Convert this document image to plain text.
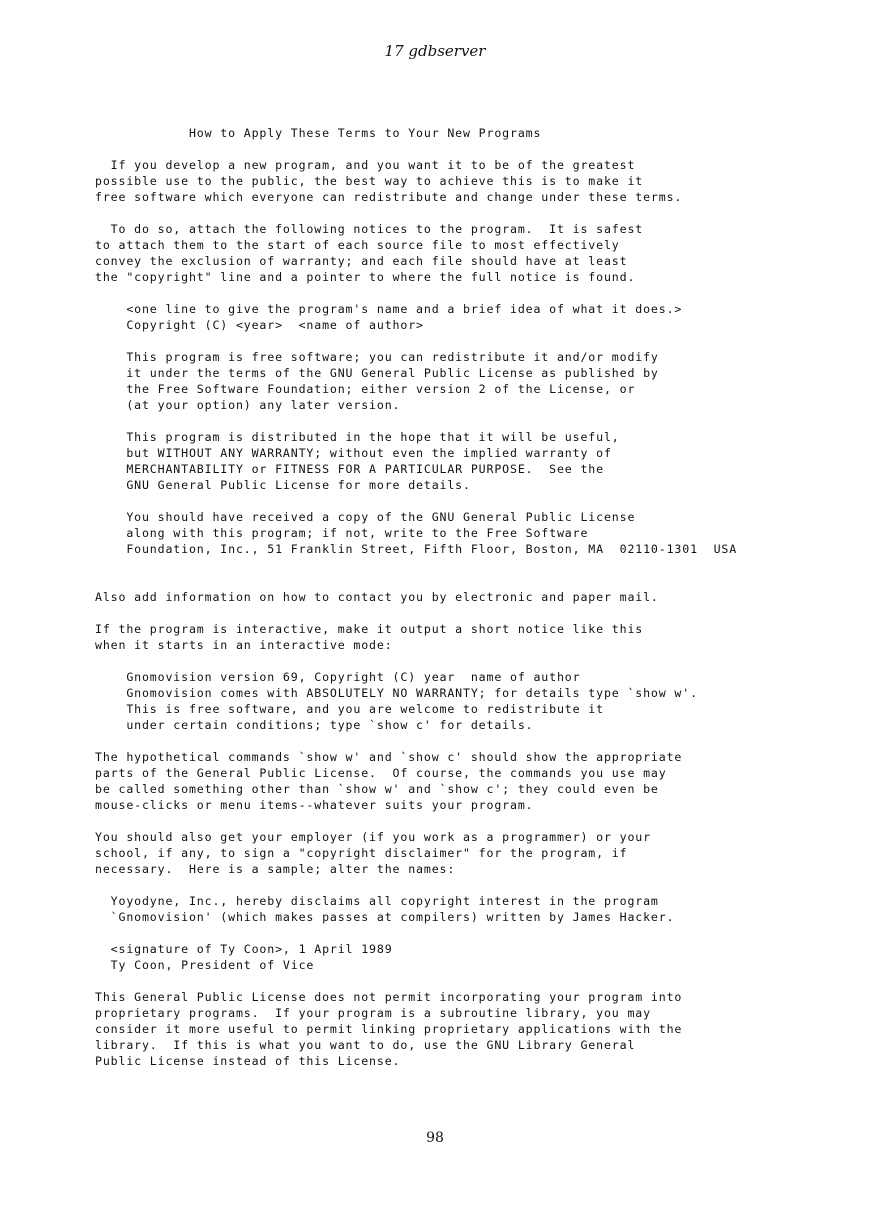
17 gdbserver
How to Apply These Terms to Your New Programs
If you develop a new program, and you want it to be of the greatest
possible use to the public, the best way to achieve this is to make it
free software which everyone can redistribute and change under these terms.
To do so, attach the following notices to the program.  It is safest
to attach them to the start of each source file to most effectively
convey the exclusion of warranty; and each file should have at least
the "copyright" line and a pointer to where the full notice is found.
<one line to give the program's name and a brief idea of what it does.>
Copyright (C) <year>  <name of author>
This program is free software; you can redistribute it and/or modify
it under the terms of the GNU General Public License as published by
the Free Software Foundation; either version 2 of the License, or
(at your option) any later version.
This program is distributed in the hope that it will be useful,
but WITHOUT ANY WARRANTY; without even the implied warranty of
MERCHANTABILITY or FITNESS FOR A PARTICULAR PURPOSE.  See the
GNU General Public License for more details.
You should have received a copy of the GNU General Public License
along with this program; if not, write to the Free Software
Foundation, Inc., 51 Franklin Street, Fifth Floor, Boston, MA  02110-1301  USA
Also add information on how to contact you by electronic and paper mail.
If the program is interactive, make it output a short notice like this
when it starts in an interactive mode:
Gnomovision version 69, Copyright (C) year  name of author
Gnomovision comes with ABSOLUTELY NO WARRANTY; for details type `show w'.
This is free software, and you are welcome to redistribute it
under certain conditions; type `show c' for details.
The hypothetical commands `show w' and `show c' should show the appropriate
parts of the General Public License.  Of course, the commands you use may
be called something other than `show w' and `show c'; they could even be
mouse-clicks or menu items--whatever suits your program.
You should also get your employer (if you work as a programmer) or your
school, if any, to sign a "copyright disclaimer" for the program, if
necessary.  Here is a sample; alter the names:
Yoyodyne, Inc., hereby disclaims all copyright interest in the program
`Gnomovision' (which makes passes at compilers) written by James Hacker.
<signature of Ty Coon>, 1 April 1989
Ty Coon, President of Vice
This General Public License does not permit incorporating your program into
proprietary programs.  If your program is a subroutine library, you may
consider it more useful to permit linking proprietary applications with the
library.  If this is what you want to do, use the GNU Library General
Public License instead of this License.
98
